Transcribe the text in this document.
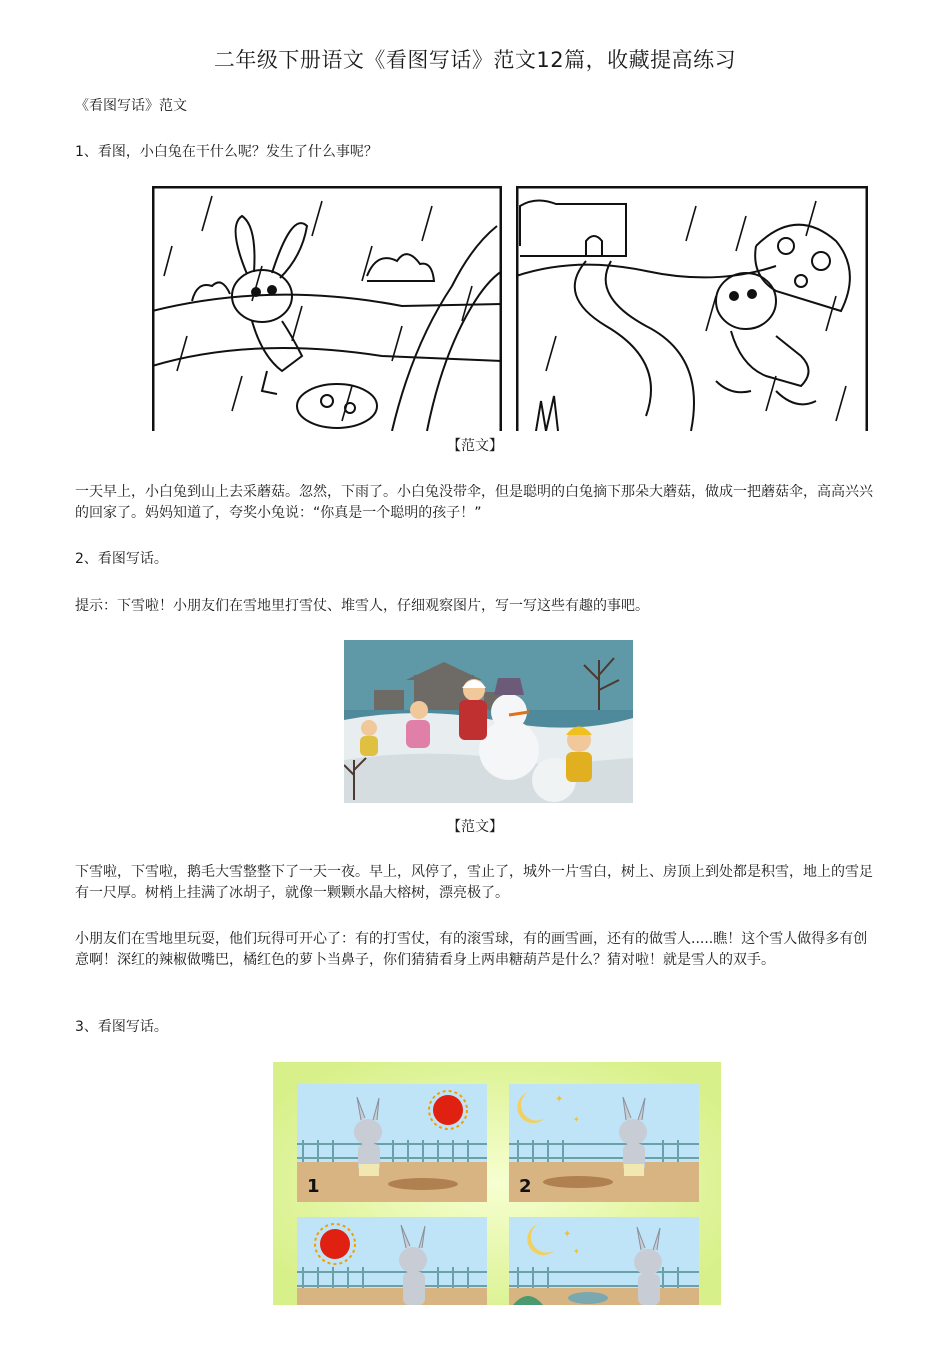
二年级下册语文《看图写话》范文12篇，收藏提高练习
《看图写话》范文
1、看图，小白兔在干什么呢？发生了什么事呢？
【范文】
一天早上，小白兔到山上去采蘑菇。忽然，下雨了。小白兔没带伞，但是聪明的白兔摘下那朵大蘑菇，做成一把蘑菇伞，高高兴兴的回家了。妈妈知道了，夸奖小兔说：“你真是一个聪明的孩子！”
2、看图写话。
提示：下雪啦！小朋友们在雪地里打雪仗、堆雪人，仔细观察图片，写一写这些有趣的事吧。
【范文】
下雪啦，下雪啦，鹅毛大雪整整下了一天一夜。早上，风停了，雪止了，城外一片雪白，树上、房顶上到处都是积雪，地上的雪足有一尺厚。树梢上挂满了冰胡子，就像一颗颗水晶大榕树，漂亮极了。
小朋友们在雪地里玩耍，他们玩得可开心了：有的打雪仗，有的滚雪球，有的画雪画，还有的做雪人.....瞧！这个雪人做得多有创意啊！深红的辣椒做嘴巴，橘红色的萝卜当鼻子，你们猜猜看身上两串糖葫芦是什么？猜对啦！就是雪人的双手。
3、看图写话。
1
✦
✦
2
✦
✦
